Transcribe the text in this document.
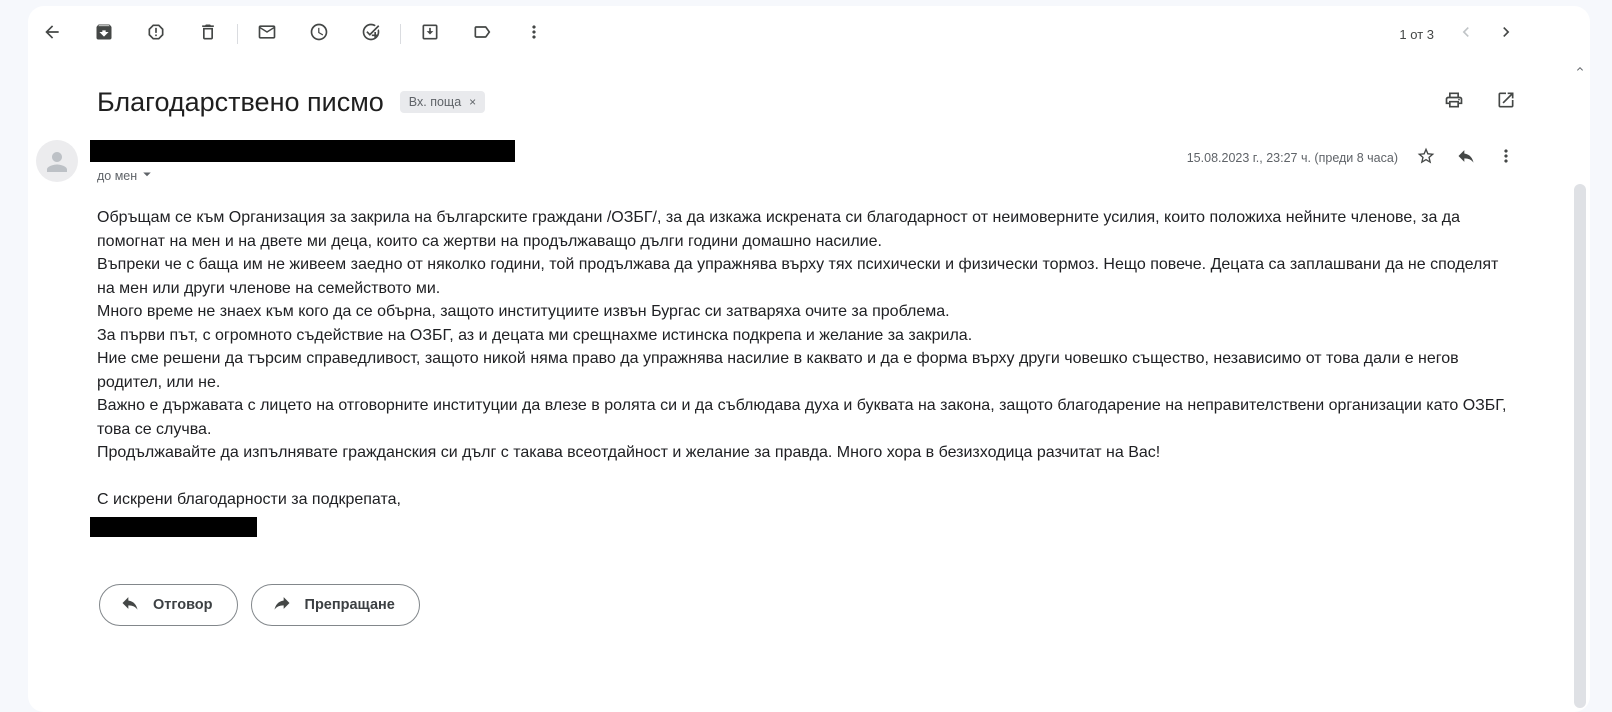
1 от 3
Благодарствено писмо Вх. поща ×
до мен
15.08.2023 г., 23:27 ч. (преди 8 часа)
Обръщам се към Организация за закрила на българските граждани /ОЗБГ/, за да изкажа искрената си благодарност от неимоверните усилия, които положиха нейните членове, за да помогнат на мен и на двете ми деца, които са жертви на продължаващо дълги години домашно насилие.
Въпреки че с баща им не живеем заедно от няколко години, той продължава да упражнява върху тях психически и физически тормоз. Нещо повече. Децата са заплашвани да не споделят на мен или други членове на семейството ми.
Много време не знаех към кого да се обърна, защото институциите извън Бургас си затваряха очите за проблема.
За първи път, с огромното съдействие на ОЗБГ, аз и децата ми срещнахме истинска подкрепа и желание за закрила.
Ние сме решени да търсим справедливост, защото никой няма право да упражнява насилие в каквато и да е форма върху други човешко същество, независимо от това дали е негов родител, или не.
Важно е държавата с лицето на отговорните институции да влезе в ролята си и да съблюдава духа и буквата на закона, защото благодарение на неправителствени организации като ОЗБГ, това се случва.
Продължавайте да изпълнявате гражданския си дълг с такава всеотдайност и желание за правда. Много хора в безизходица разчитат на Вас!
С искрени благодарности за подкрепата,
Отговор	Препращане
